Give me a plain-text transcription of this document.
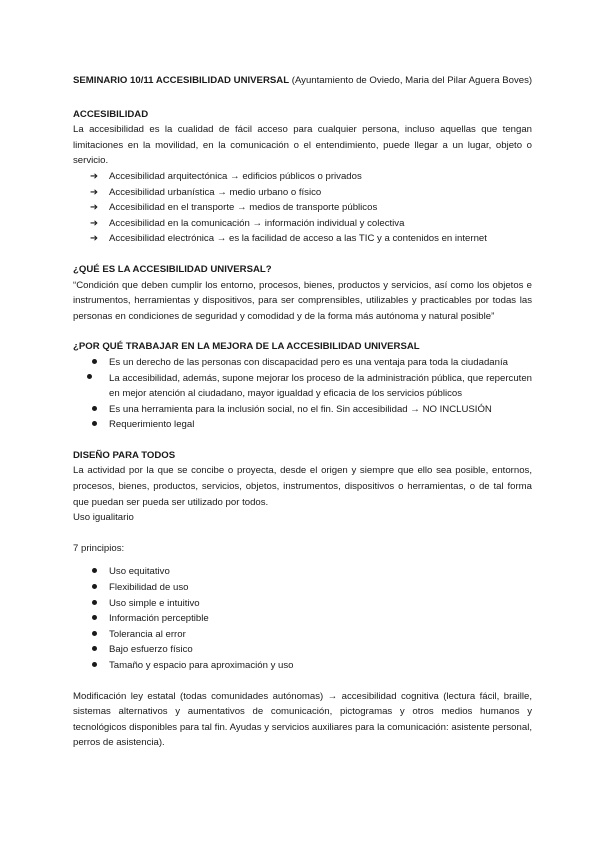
SEMINARIO 10/11 ACCESIBILIDAD UNIVERSAL (Ayuntamiento de Oviedo, Maria del Pilar Aguera Boves)

ACCESIBILIDAD

La accesibilidad es la cualidad de fácil acceso para cualquier persona, incluso aquellas que tengan limitaciones en la movilidad, en la comunicación o el entendimiento, puede llegar a un lugar, objeto o servicio.

➔	Accesibilidad arquitectónica → edificios públicos o privados
➔	Accesibilidad urbanística → medio urbano o físico
➔	Accesibilidad en el transporte → medios de transporte públicos
➔	Accesibilidad en la comunicación → información individual y colectiva
➔	Accesibilidad electrónica → es la facilidad de acceso a las TIC y a contenidos en internet
¿QUÉ ES LA ACCESIBILIDAD UNIVERSAL?

“Condición que deben cumplir los entorno, procesos, bienes, productos y servicios, así como los objetos e instrumentos, herramientas y dispositivos, para ser comprensibles, utilizables y practicables por todas las personas en condiciones de seguridad y comodidad y de la forma más autónoma y natural posible”

¿POR QUÉ TRABAJAR EN LA MEJORA DE LA ACCESIBILIDAD UNIVERSAL
Es un derecho de las personas con discapacidad pero es una ventaja para toda la ciudadanía
La accesibilidad, además, supone mejorar los proceso de la administración pública, que repercuten en mejor atención al ciudadano, mayor igualdad y eficacia de los servicios públicos
Es una herramienta para la inclusión social, no el fin. Sin accesibilidad → NO INCLUSIÓN
Requerimiento legal
DISEÑO PARA TODOS

La actividad por la que se concibe o proyecta, desde el origen y siempre que ello sea posible, entornos, procesos, bienes, productos, servicios, objetos, instrumentos, dispositivos o herramientas, o de tal forma que puedan ser pueda ser utilizado por todos.

Uso igualitario

7 principios:

Uso equitativo
Flexibilidad de uso
Uso simple e intuitivo
Información perceptible
Tolerancia al error
Bajo esfuerzo físico
Tamaño y espacio para aproximación y uso

Modificación ley estatal (todas comunidades autónomas) → accesibilidad cognitiva (lectura fácil, braille, sistemas alternativos y aumentativos de comunicación, pictogramas y otros medios humanos y tecnológicos disponibles para tal fin. Ayudas y servicios auxiliares para la comunicación: asistente personal, perros de asistencia).
